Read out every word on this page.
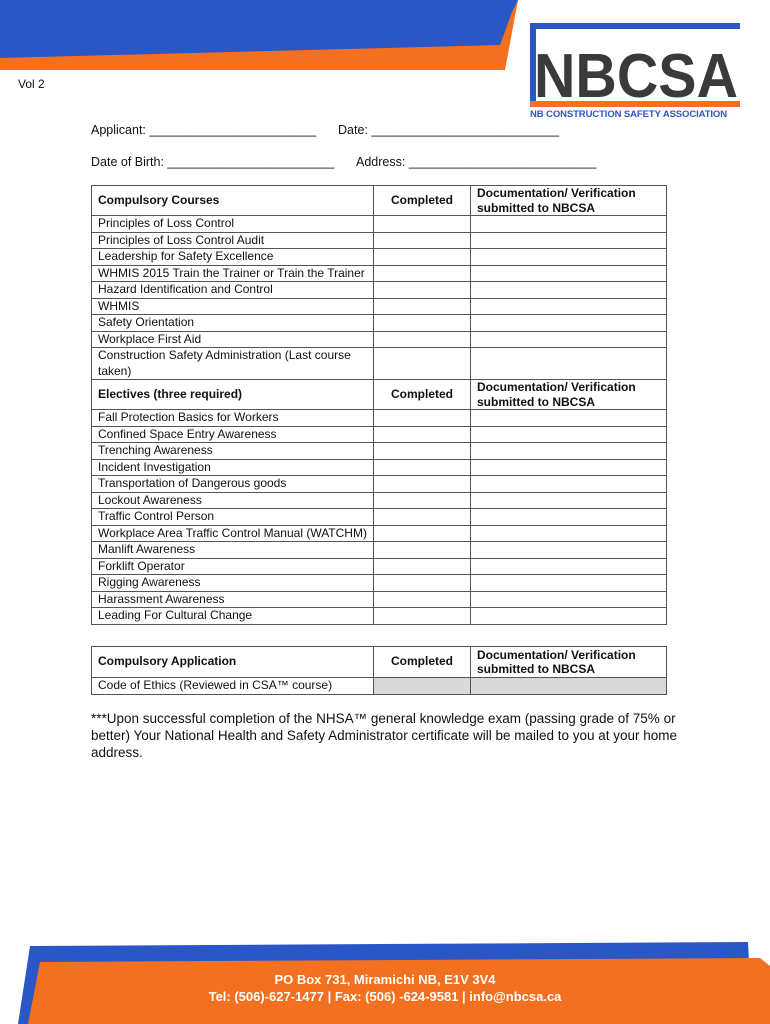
NBCSA
NB CONSTRUCTION SAFETY ASSOCIATION
Vol 2
Applicant: ________________________ Date: ___________________________
Date of Birth: ________________________ Address: ___________________________
Compulsory Courses	Completed	Documentation/ Verification
submitted to NBCSA

Principles of Loss Control		
Principles of Loss Control Audit		
Leadership for Safety Excellence		
WHMIS 2015 Train the Trainer or Train the Trainer		
Hazard Identification and Control		
WHMIS		
Safety Orientation		
Workplace First Aid		
Construction Safety Administration (Last course taken)		
Electives (three required)	Completed	Documentation/ Verification
submitted to NBCSA

Fall Protection Basics for Workers		
Confined Space Entry Awareness		
Trenching Awareness		
Incident Investigation		
Transportation of Dangerous goods		
Lockout Awareness		
Traffic Control Person		
Workplace Area Traffic Control Manual (WATCHM)		
Manlift Awareness		
Forklift Operator		
Rigging Awareness		
Harassment Awareness		
Leading For Cultural Change		
Compulsory Application	Completed	Documentation/ Verification
submitted to NBCSA

Code of Ethics (Reviewed in CSA™ course)		
***Upon successful completion of the NHSA™ general knowledge exam (passing grade of 75% or better) Your National Health and Safety Administrator certificate will be mailed to you at your home address.
PO Box 731, Miramichi NB, E1V 3V4
Tel: (506)-627-1477 | Fax: (506) -624-9581 | info@nbcsa.ca
